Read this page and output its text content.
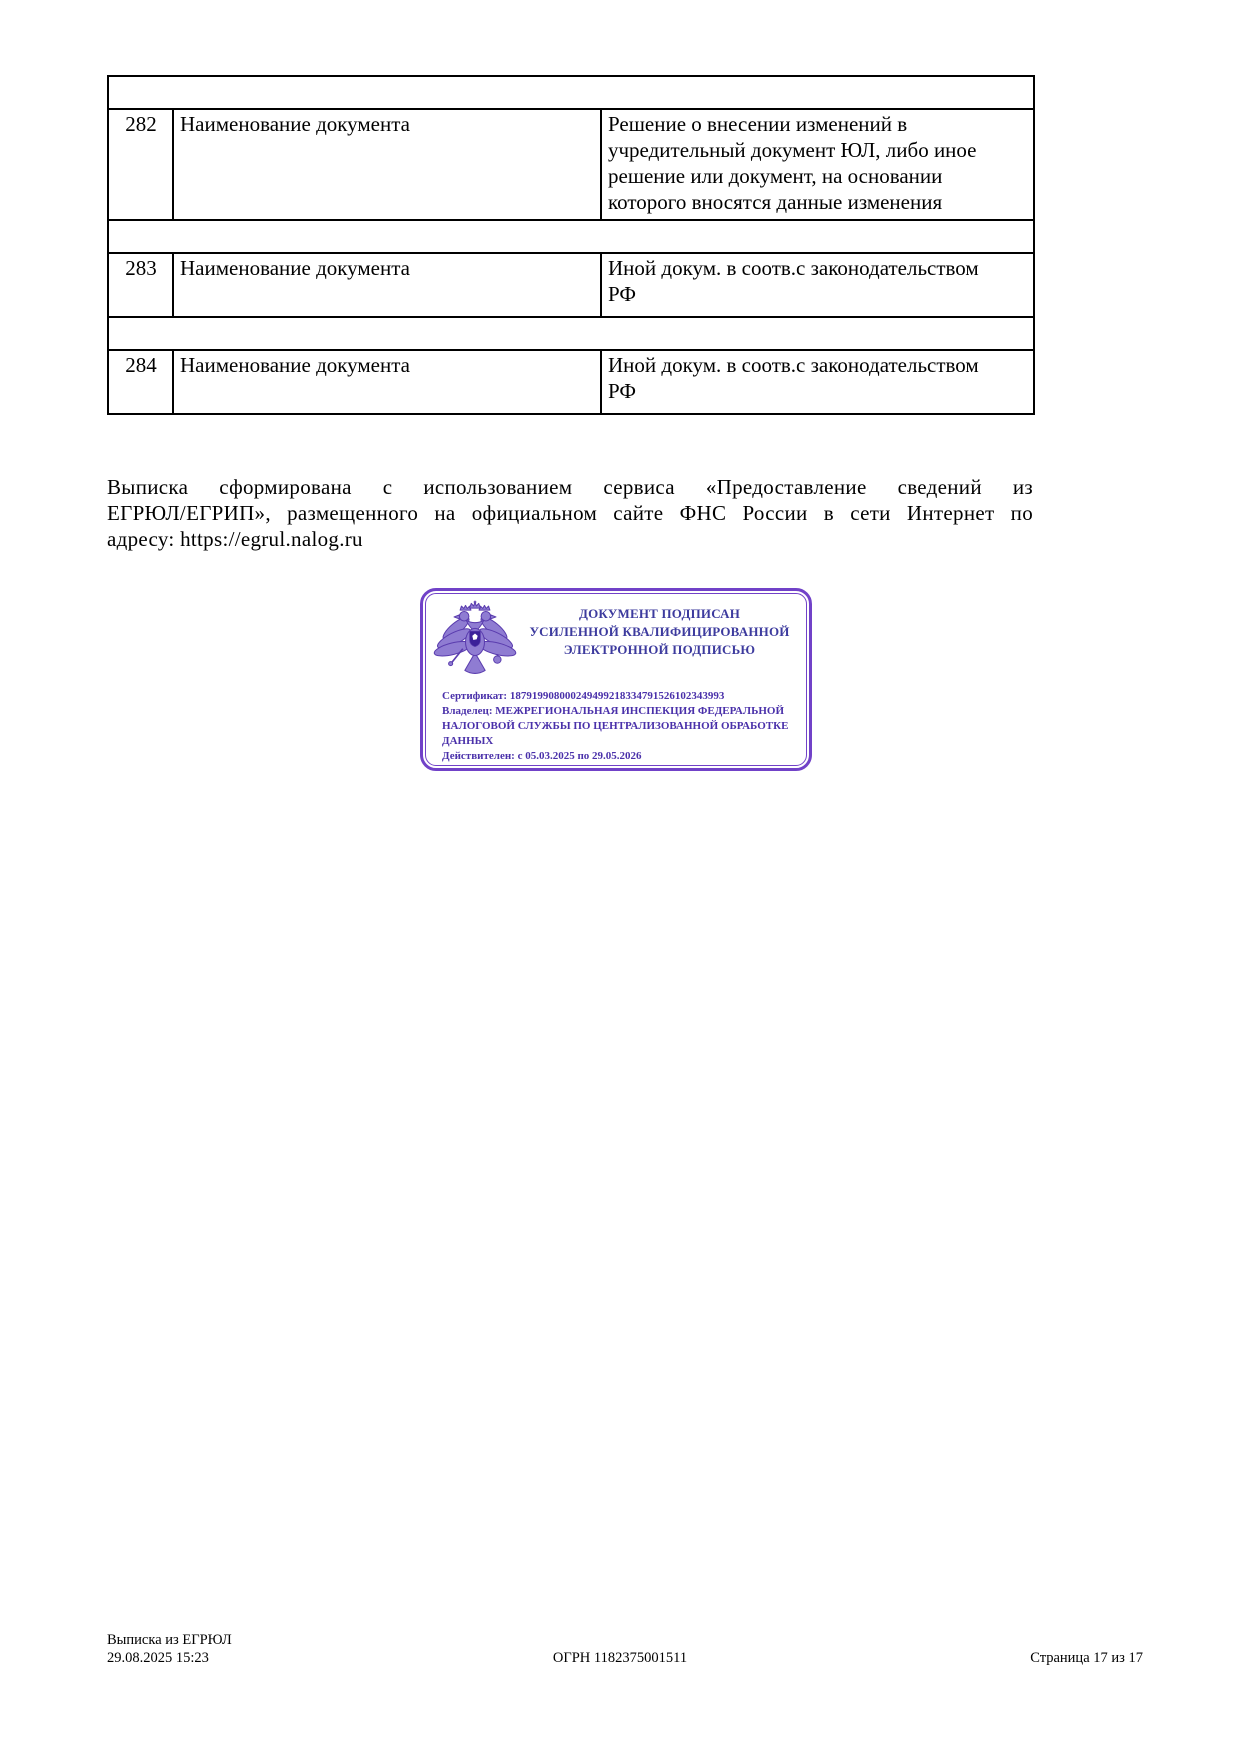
282	Наименование документа	Решение о внесении изменений в учредительный документ ЮЛ, либо иное решение или документ, на основании которого вносятся данные изменения

283	Наименование документа	Иной докум. в соотв.с законодательством РФ

284	Наименование документа	Иной докум. в соотв.с законодательством РФ
Выписка сформирована с использованием сервиса «Предоставление сведений из
ЕГРЮЛ/ЕГРИП», размещенного на официальном сайте ФНС России в сети Интернет по
адресу: https://egrul.nalog.ru
ДОКУМЕНТ ПОДПИСАН
УСИЛЕННОЙ КВАЛИФИЦИРОВАННОЙ
ЭЛЕКТРОННОЙ ПОДПИСЬЮ
Сертификат: 187919908000249499218334791526102343993
Владелец: МЕЖРЕГИОНАЛЬНАЯ ИНСПЕКЦИЯ ФЕДЕРАЛЬНОЙ НАЛОГОВОЙ СЛУЖБЫ ПО ЦЕНТРАЛИЗОВАННОЙ ОБРАБОТКЕ ДАННЫХ
Действителен: с 05.03.2025 по 29.05.2026
Выписка из ЕГРЮЛ
29.08.2025 15:23	ОГРН 1182375001511	Страница 17 из 17
